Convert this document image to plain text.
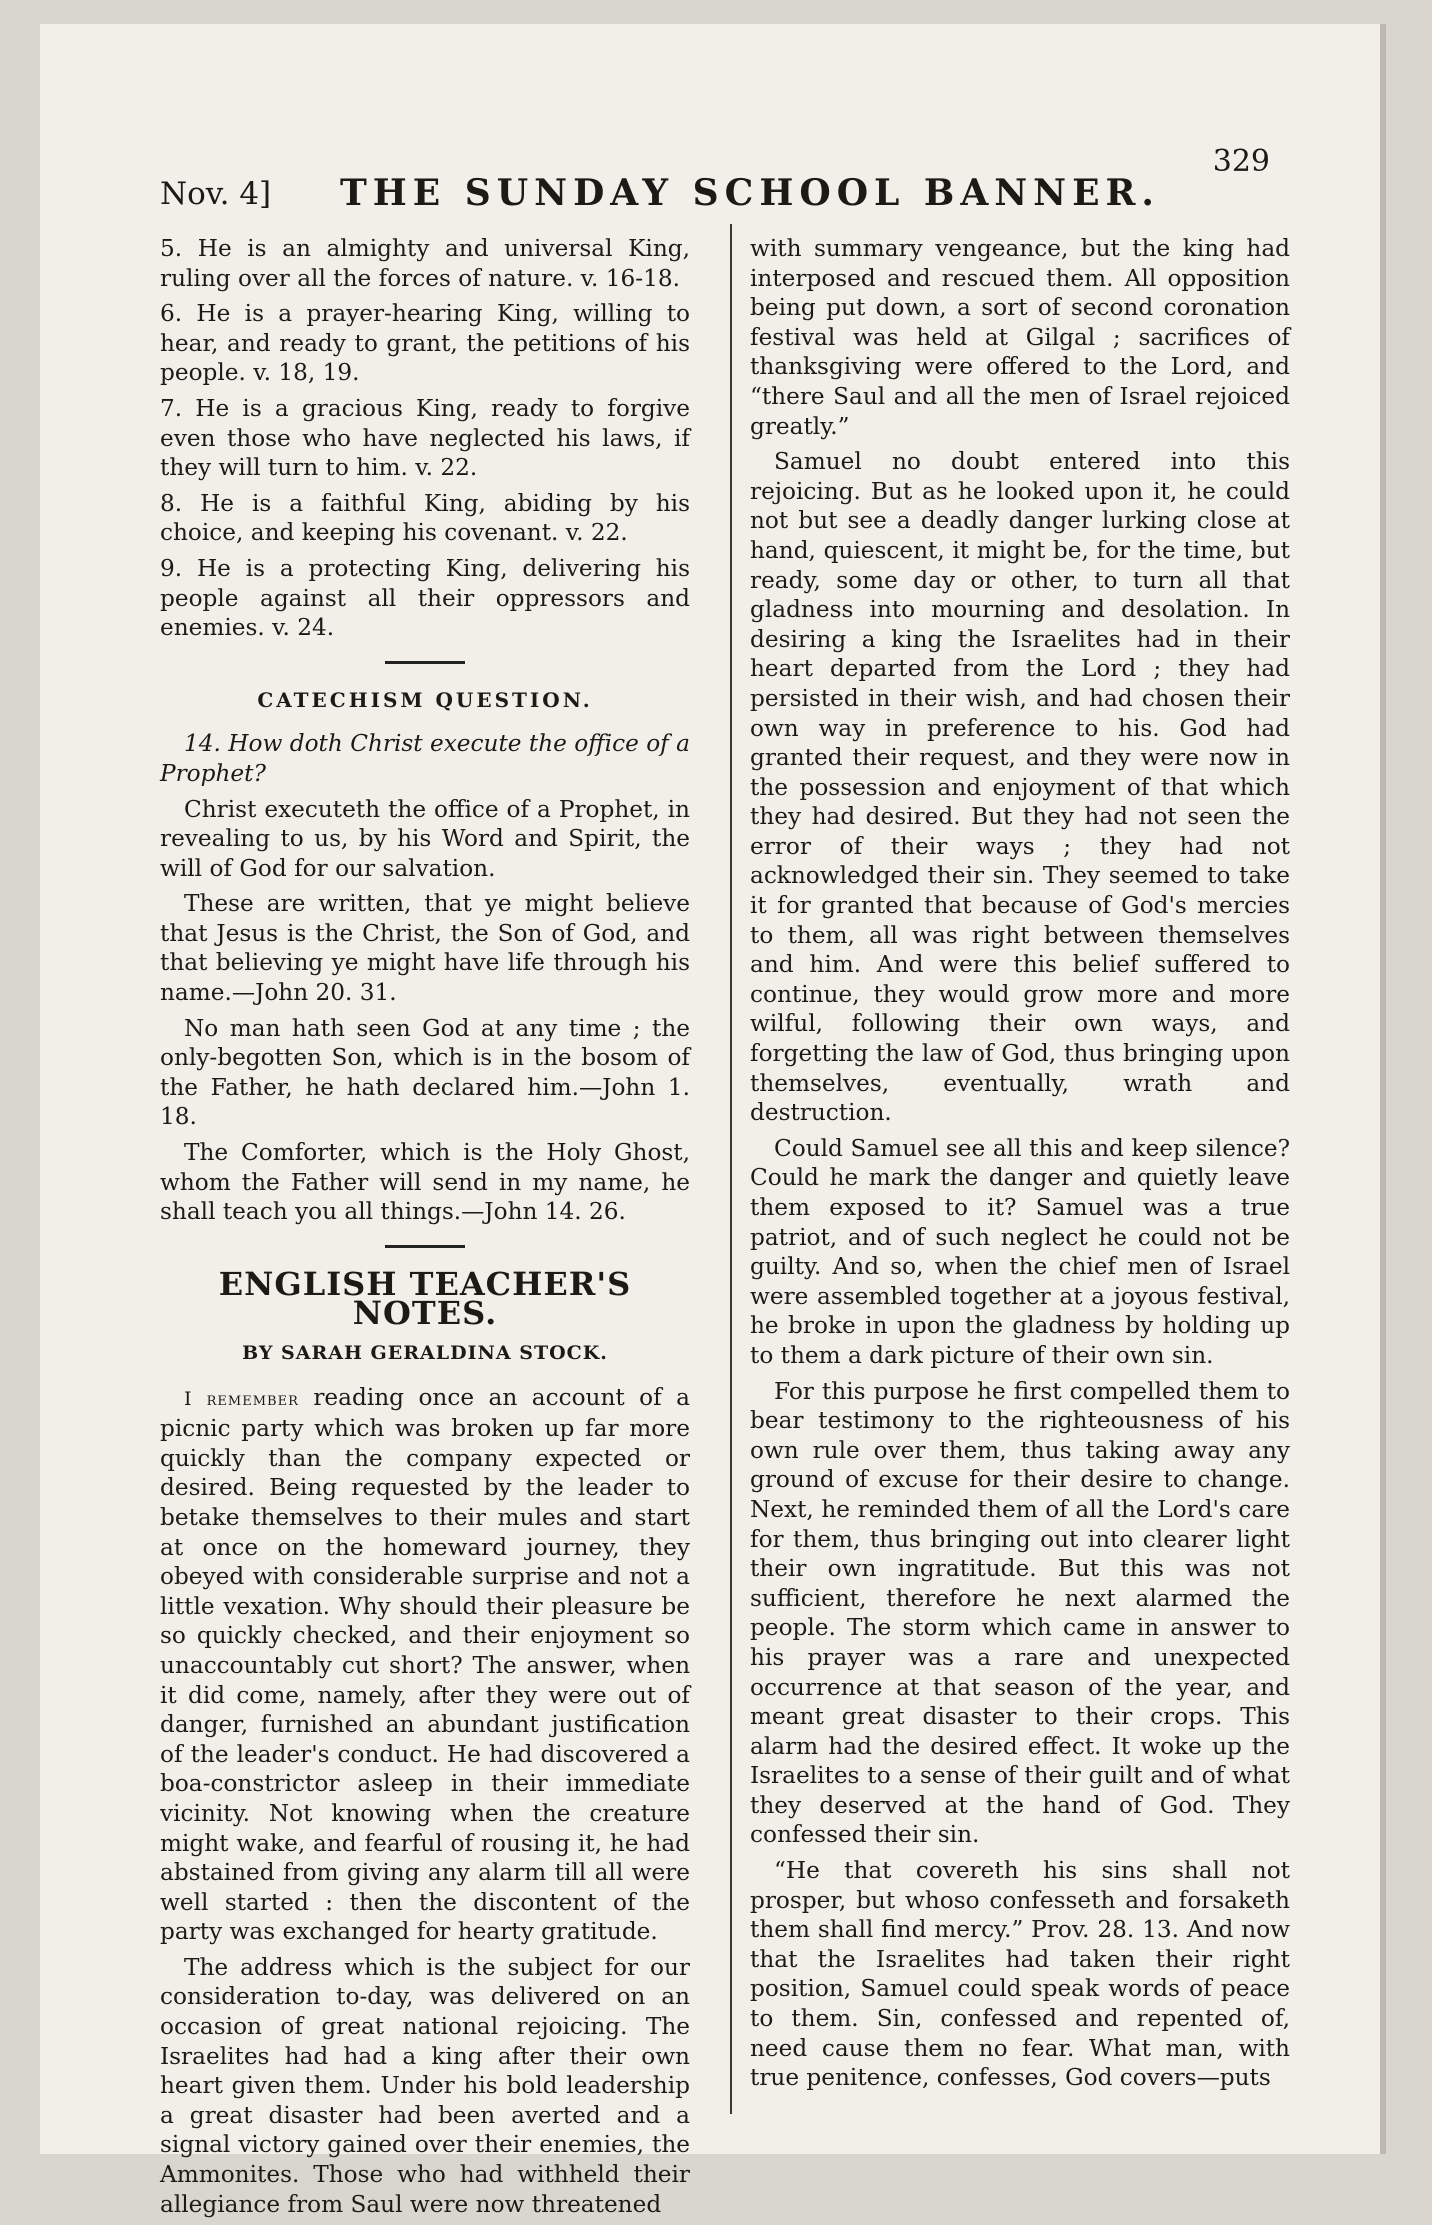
Nov. 4] THE SUNDAY SCHOOL BANNER.
329

5. He is an almighty and universal King, ruling over all the forces of nature. v. 16-18.

6. He is a prayer-hearing King, willing to hear, and ready to grant, the petitions of his people. v. 18, 19.

7. He is a gracious King, ready to forgive even those who have neglected his laws, if they will turn to him. v. 22.

8. He is a faithful King, abiding by his choice, and keeping his covenant. v. 22.

9. He is a protecting King, delivering his people against all their oppressors and enemies. v. 24.

CATECHISM QUESTION.

14. How doth Christ execute the office of a Prophet?

Christ executeth the office of a Prophet, in revealing to us, by his Word and Spirit, the will of God for our salvation.

These are written, that ye might believe that Jesus is the Christ, the Son of God, and that believing ye might have life through his name.—John 20. 31.

No man hath seen God at any time ; the only-begotten Son, which is in the bosom of the Father, he hath declared him.—John 1. 18.

The Comforter, which is the Holy Ghost, whom the Father will send in my name, he shall teach you all things.—John 14. 26.

ENGLISH TEACHER'S NOTES.
BY SARAH GERALDINA STOCK.

I remember reading once an account of a picnic party which was broken up far more quickly than the company expected or desired. Being requested by the leader to betake themselves to their mules and start at once on the homeward journey, they obeyed with considerable surprise and not a little vexation. Why should their pleasure be so quickly checked, and their enjoyment so unaccountably cut short? The answer, when it did come, namely, after they were out of danger, furnished an abundant justification of the leader's conduct. He had discovered a boa-constrictor asleep in their immediate vicinity. Not knowing when the creature might wake, and fearful of rousing it, he had abstained from giving any alarm till all were well started : then the discontent of the party was exchanged for hearty gratitude.

The address which is the subject for our consideration to-day, was delivered on an occasion of great national rejoicing. The Israelites had had a king after their own heart given them. Under his bold leadership a great disaster had been averted and a signal victory gained over their enemies, the Ammonites. Those who had withheld their allegiance from Saul were now threatened

with summary vengeance, but the king had interposed and rescued them. All opposition being put down, a sort of second coronation festival was held at Gilgal ; sacrifices of thanksgiving were offered to the Lord, and “there Saul and all the men of Israel rejoiced greatly.”

Samuel no doubt entered into this rejoicing. But as he looked upon it, he could not but see a deadly danger lurking close at hand, quiescent, it might be, for the time, but ready, some day or other, to turn all that gladness into mourning and desolation. In desiring a king the Israelites had in their heart departed from the Lord ; they had persisted in their wish, and had chosen their own way in preference to his. God had granted their request, and they were now in the possession and enjoyment of that which they had desired. But they had not seen the error of their ways ; they had not acknowledged their sin. They seemed to take it for granted that because of God's mercies to them, all was right between themselves and him. And were this belief suffered to continue, they would grow more and more wilful, following their own ways, and forgetting the law of God, thus bringing upon themselves, eventually, wrath and destruction.

Could Samuel see all this and keep silence? Could he mark the danger and quietly leave them exposed to it? Samuel was a true patriot, and of such neglect he could not be guilty. And so, when the chief men of Israel were assembled together at a joyous festival, he broke in upon the gladness by holding up to them a dark picture of their own sin.

For this purpose he first compelled them to bear testimony to the righteousness of his own rule over them, thus taking away any ground of excuse for their desire to change. Next, he reminded them of all the Lord's care for them, thus bringing out into clearer light their own ingratitude. But this was not sufficient, therefore he next alarmed the people. The storm which came in answer to his prayer was a rare and unexpected occurrence at that season of the year, and meant great disaster to their crops. This alarm had the desired effect. It woke up the Israelites to a sense of their guilt and of what they deserved at the hand of God. They confessed their sin.

“He that covereth his sins shall not prosper, but whoso confesseth and forsaketh them shall find mercy.” Prov. 28. 13. And now that the Israelites had taken their right position, Samuel could speak words of peace to them. Sin, confessed and repented of, need cause them no fear. What man, with true penitence, confesses, God covers—puts
